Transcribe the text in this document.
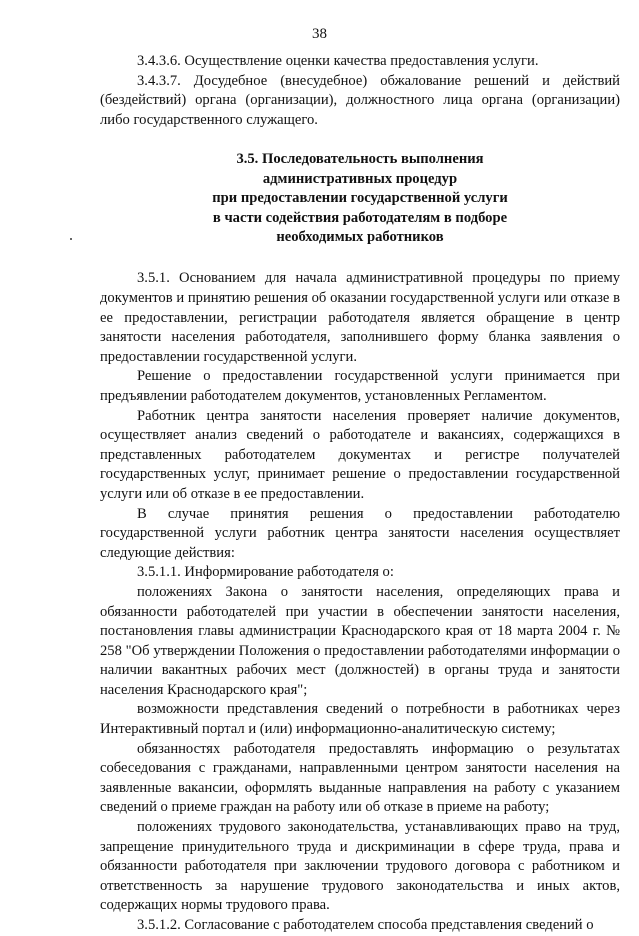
38

3.4.3.6. Осуществление оценки качества предоставления услуги.

3.4.3.7. Досудебное (внесудебное) обжалование решений и действий (бездействий) органа (организации), должностного лица органа (организации) либо государственного служащего.

3.5. Последовательность выполнения
административных процедур
при предоставлении государственной услуги
в части содействия работодателям в подборе
необходимых работников

3.5.1. Основанием для начала административной процедуры по приему документов и принятию решения об оказании государственной услуги или отказе в ее предоставлении, регистрации работодателя является обращение в центр занятости населения работодателя, заполнившего форму бланка заявления о предоставлении государственной услуги.

Решение о предоставлении государственной услуги принимается при предъявлении работодателем документов, установленных Регламентом.

Работник центра занятости населения проверяет наличие документов, осуществляет анализ сведений о работодателе и вакансиях, содержащихся в представленных работодателем документах и регистре получателей государственных услуг, принимает решение о предоставлении государственной услуги или об отказе в ее предоставлении.

В случае принятия решения о предоставлении работодателю государственной услуги работник центра занятости населения осуществляет следующие действия:

3.5.1.1. Информирование работодателя о:

положениях Закона о занятости населения, определяющих права и обязанности работодателей при участии в обеспечении занятости населения, постановления главы администрации Краснодарского края от 18 марта 2004 г. № 258 "Об утверждении Положения о предоставлении работодателями информации о наличии вакантных рабочих мест (должностей) в органы труда и занятости населения Краснодарского края";

возможности представления сведений о потребности в работниках через Интерактивный портал и (или) информационно-аналитическую систему;

обязанностях работодателя предоставлять информацию о результатах собеседования с гражданами, направленными центром занятости населения на заявленные вакансии, оформлять выданные направления на работу с указанием сведений о приеме граждан на работу или об отказе в приеме на работу;

положениях трудового законодательства, устанавливающих право на труд, запрещение принудительного труда и дискриминации в сфере труда, права и обязанности работодателя при заключении трудового договора с работником и ответственность за нарушение трудового законодательства и иных актов, содержащих нормы трудового права.

3.5.1.2. Согласование с работодателем способа представления сведений о
